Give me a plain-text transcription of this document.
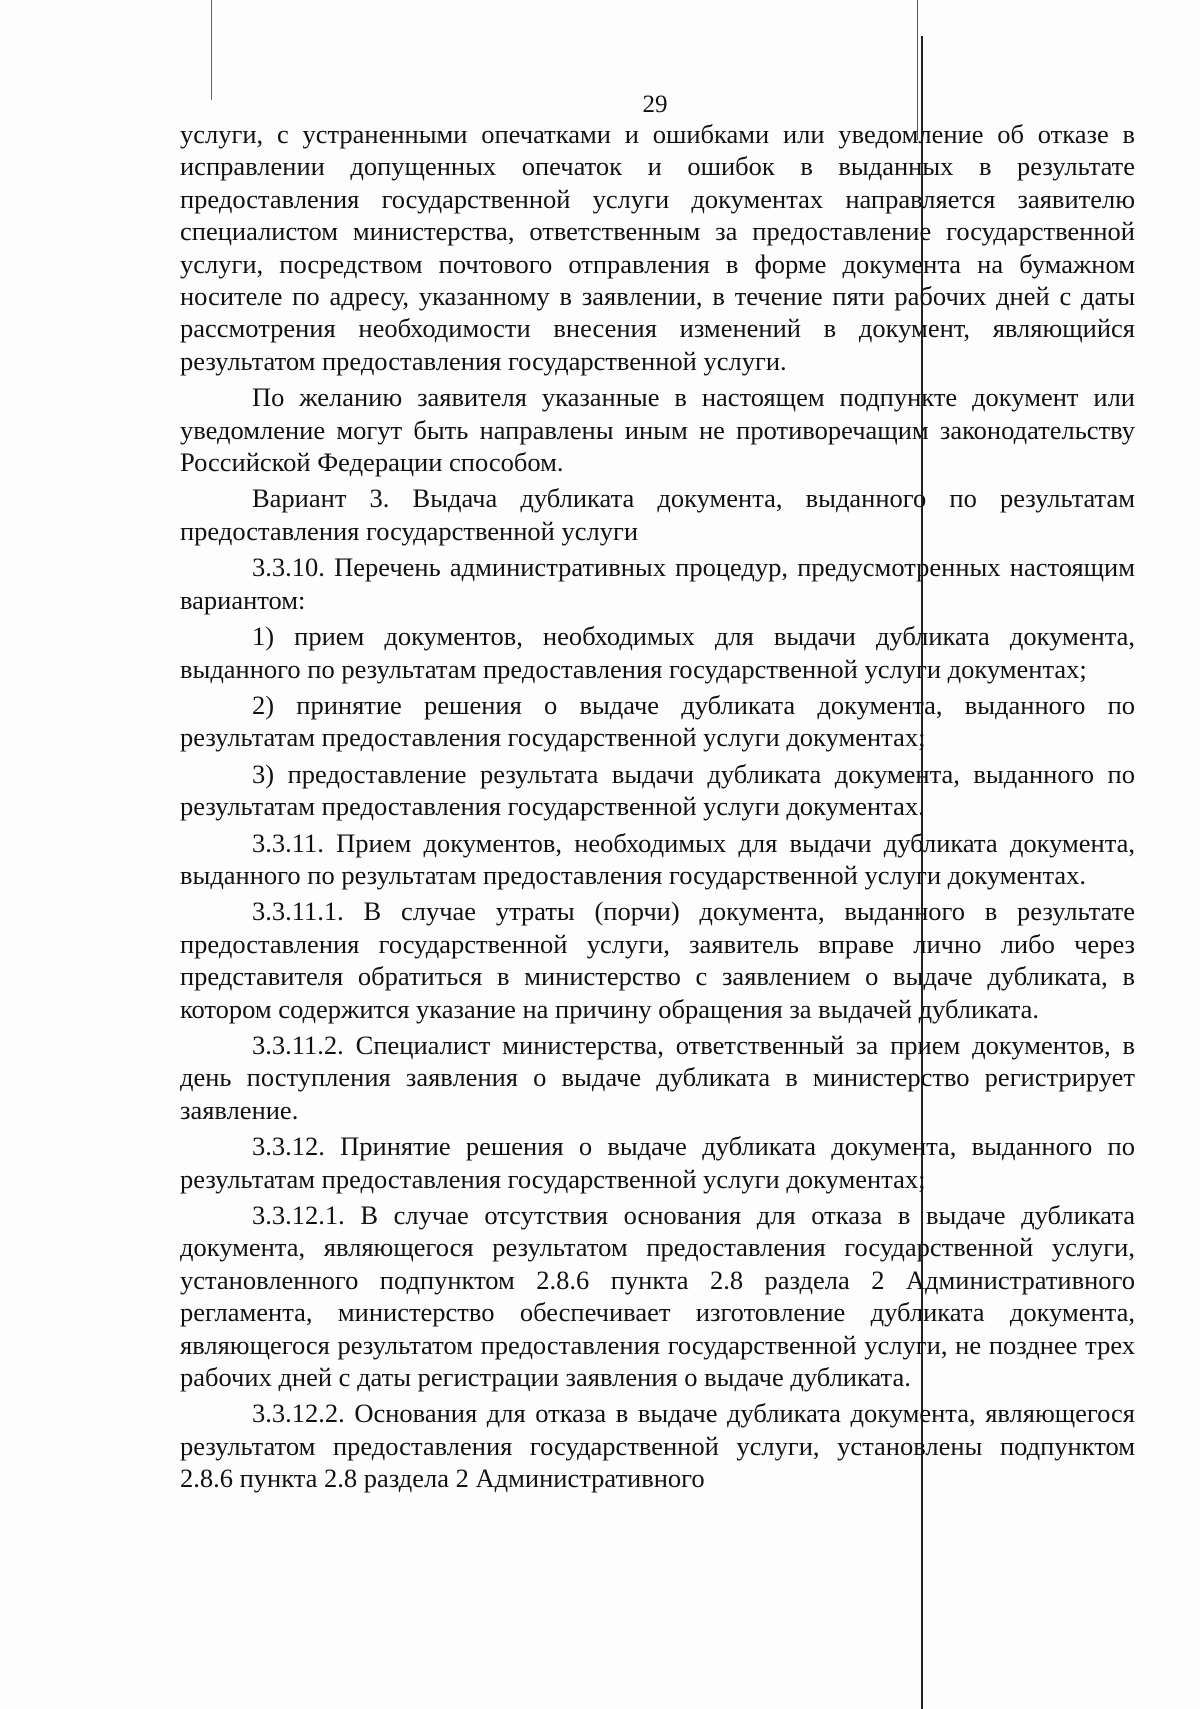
29

услуги, с устраненными опечатками и ошибками или уведомление об отказе в исправлении допущенных опечаток и ошибок в выданных в результате предоставления государственной услуги документах направляется заявителю специалистом министерства, ответственным за предоставление государственной услуги, посредством почтового отправления в форме документа на бумажном носителе по адресу, указанному в заявлении, в течение пяти рабочих дней с даты рассмотрения необходимости внесения изменений в документ, являющийся результатом предоставления государственной услуги.

По желанию заявителя указанные в настоящем подпункте документ или уведомление могут быть направлены иным не противоречащим законодательству Российской Федерации способом.

Вариант 3. Выдача дубликата документа, выданного по результатам предоставления государственной услуги

3.3.10. Перечень административных процедур, предусмотренных настоящим вариантом:

1) прием документов, необходимых для выдачи дубликата документа, выданного по результатам предоставления государственной услуги документах;

2) принятие решения о выдаче дубликата документа, выданного по результатам предоставления государственной услуги документах;

3) предоставление результата выдачи дубликата документа, выданного по результатам предоставления государственной услуги документах.

3.3.11. Прием документов, необходимых для выдачи дубликата документа, выданного по результатам предоставления государственной услуги документах.

3.3.11.1. В случае утраты (порчи) документа, выданного в результате предоставления государственной услуги, заявитель вправе лично либо через представителя обратиться в министерство с заявлением о выдаче дубликата, в котором содержится указание на причину обращения за выдачей дубликата.

3.3.11.2. Специалист министерства, ответственный за прием документов, в день поступления заявления о выдаче дубликата в министерство регистрирует заявление.

3.3.12. Принятие решения о выдаче дубликата документа, выданного по результатам предоставления государственной услуги документах;

3.3.12.1. В случае отсутствия основания для отказа в выдаче дубликата документа, являющегося результатом предоставления государственной услуги, установленного подпунктом 2.8.6 пункта 2.8 раздела 2 Административного регламента, министерство обеспечивает изготовление дубликата документа, являющегося результатом предоставления государственной услуги, не позднее трех рабочих дней с даты регистрации заявления о выдаче дубликата.

3.3.12.2. Основания для отказа в выдаче дубликата документа, являющегося результатом предоставления государственной услуги, установлены подпунктом 2.8.6 пункта 2.8 раздела 2 Административного
